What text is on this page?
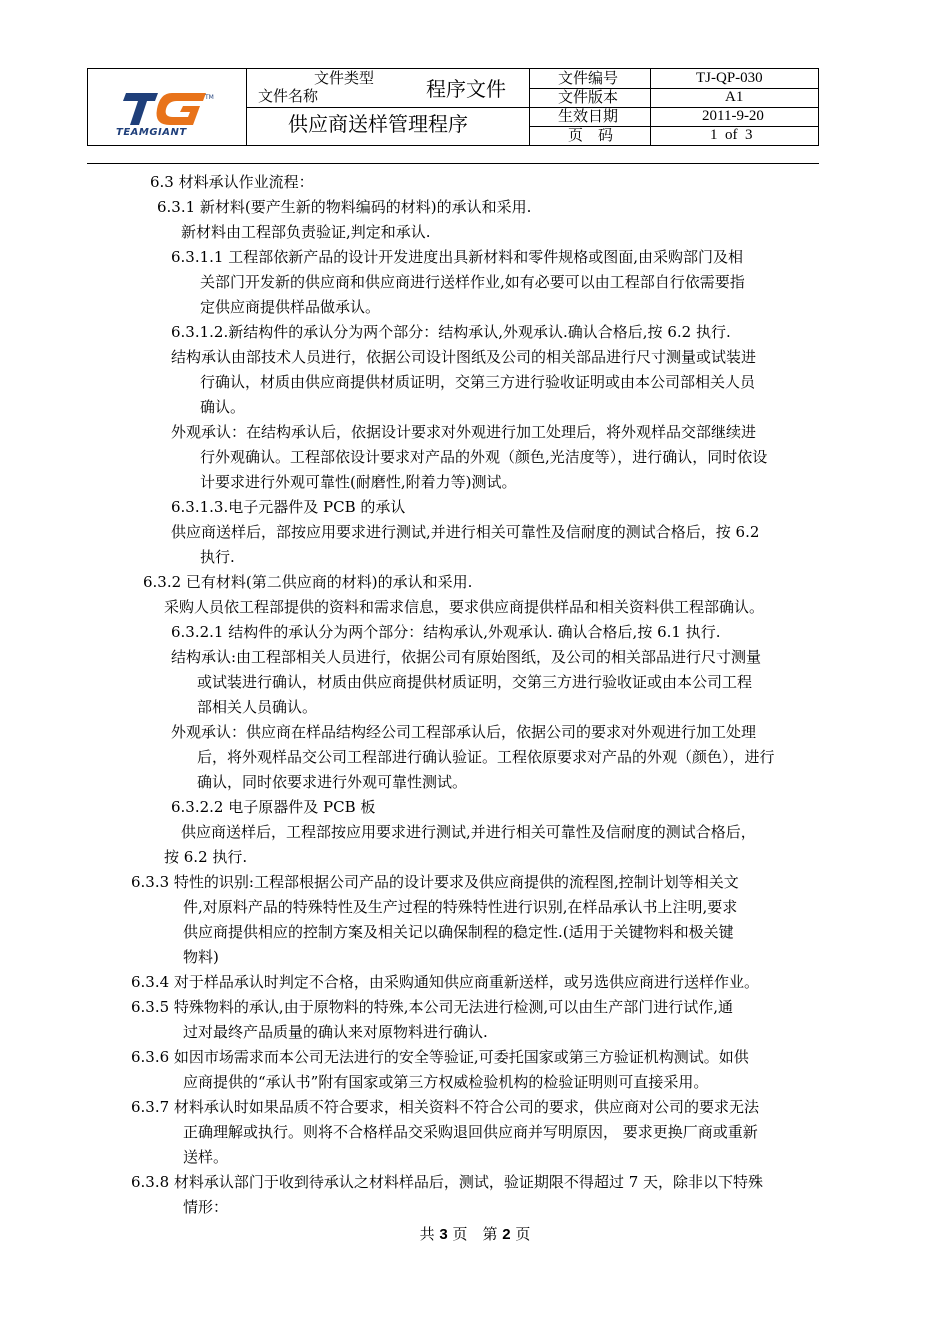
TM
TEAMGIANT
文件类型
文件名称	程序文件
供应商送样管理程序
文件编号	TJ-QP-030
文件版本	A1
生效日期	2011-9-20
页　码	1  of  3
6.3 材料承认作业流程：
6.3.1 新材料(要产生新的物料编码的材料)的承认和采用.
新材料由工程部负责验证,判定和承认.
6.3.1.1 工程部依新产品的设计开发进度出具新材料和零件规格或图面,由采购部门及相
关部门开发新的供应商和供应商进行送样作业,如有必要可以由工程部自行依需要指
定供应商提供样品做承认。
6.3.1.2.新结构件的承认分为两个部分：结构承认,外观承认.确认合格后,按 6.2 执行.
结构承认由部技术人员进行，依据公司设计图纸及公司的相关部品进行尺寸测量或试装进
行确认，材质由供应商提供材质证明，交第三方进行验收证明或由本公司部相关人员
确认。
外观承认：在结构承认后，依据设计要求对外观进行加工处理后，将外观样品交部继续进
行外观确认。工程部依设计要求对产品的外观（颜色,光洁度等），进行确认，同时依设
计要求进行外观可靠性(耐磨性,附着力等)测试。
6.3.1.3.电子元器件及 PCB 的承认
供应商送样后，部按应用要求进行测试,并进行相关可靠性及信耐度的测试合格后，按 6.2
执行.
6.3.2 已有材料(第二供应商的材料)的承认和采用.
采购人员依工程部提供的资料和需求信息，要求供应商提供样品和相关资料供工程部确认。
6.3.2.1 结构件的承认分为两个部分：结构承认,外观承认. 确认合格后,按 6.1 执行.
结构承认:由工程部相关人员进行，依据公司有原始图纸，及公司的相关部品进行尺寸测量
或试装进行确认，材质由供应商提供材质证明，交第三方进行验收证或由本公司工程
部相关人员确认。
外观承认：供应商在样品结构经公司工程部承认后，依据公司的要求对外观进行加工处理
后，将外观样品交公司工程部进行确认验证。工程依原要求对产品的外观（颜色），进行
确认，同时依要求进行外观可靠性测试。
6.3.2.2 电子原器件及 PCB 板
供应商送样后，工程部按应用要求进行测试,并进行相关可靠性及信耐度的测试合格后，
按 6.2 执行.
6.3.3 特性的识别:工程部根据公司产品的设计要求及供应商提供的流程图,控制计划等相关文
件,对原料产品的特殊特性及生产过程的特殊特性进行识别,在样品承认书上注明,要求
供应商提供相应的控制方案及相关记以确保制程的稳定性.(适用于关键物料和极关键
物料)
6.3.4 对于样品承认时判定不合格，由采购通知供应商重新送样，或另选供应商进行送样作业。
6.3.5 特殊物料的承认,由于原物料的特殊,本公司无法进行检测,可以由生产部门进行试作,通
过对最终产品质量的确认来对原物料进行确认.
6.3.6 如因市场需求而本公司无法进行的安全等验证,可委托国家或第三方验证机构测试。如供
应商提供的“承认书”附有国家或第三方权威检验机构的检验证明则可直接采用。
6.3.7 材料承认时如果品质不符合要求，相关资料不符合公司的要求，供应商对公司的要求无法
正确理解或执行。则将不合格样品交采购退回供应商并写明原因， 要求更换厂商或重新
送样。
6.3.8 材料承认部门于收到待承认之材料样品后，测试，验证期限不得超过 7 天，除非以下特殊
情形：
共 3 页　第 2 页
